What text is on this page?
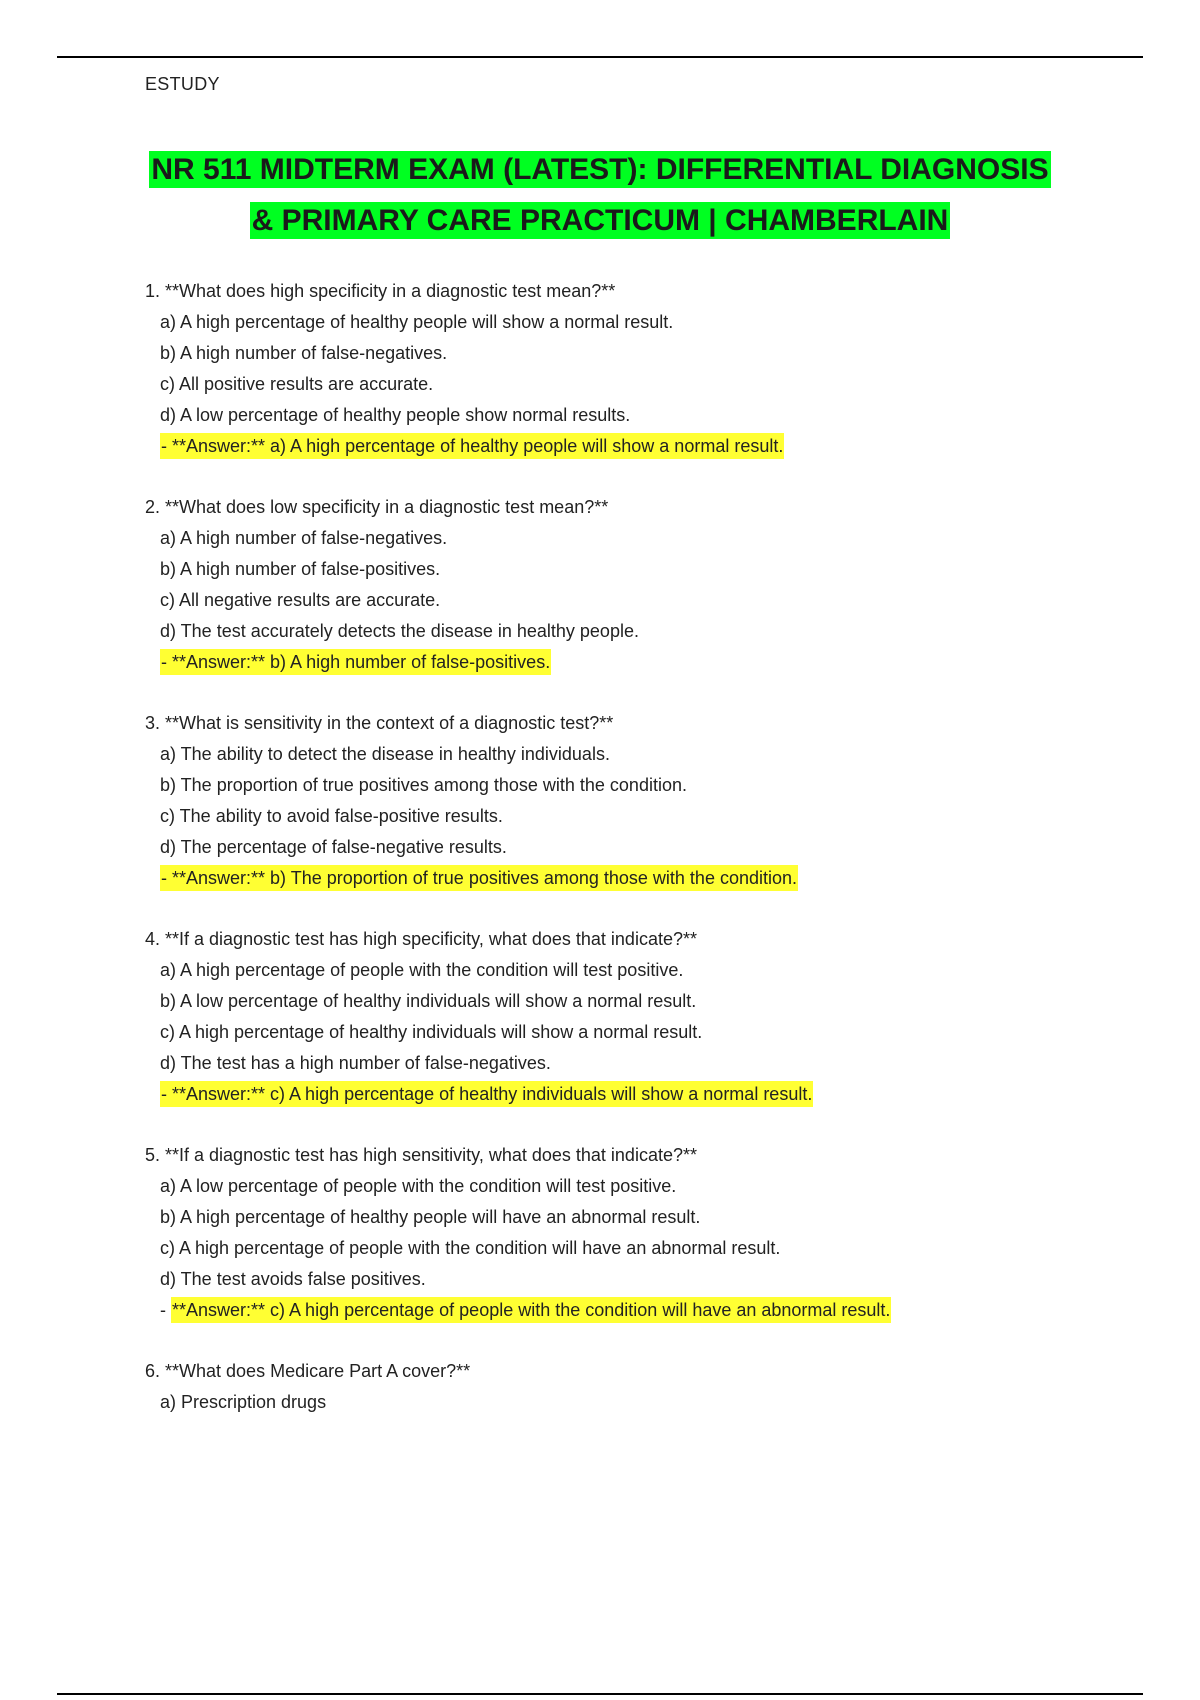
ESTUDY
NR 511 MIDTERM EXAM (LATEST): DIFFERENTIAL DIAGNOSIS
& PRIMARY CARE PRACTICUM | CHAMBERLAIN
1. **What does high specificity in a diagnostic test mean?**
a) A high percentage of healthy people will show a normal result.
b) A high number of false-negatives.
c) All positive results are accurate.
d) A low percentage of healthy people show normal results.
- **Answer:** a) A high percentage of healthy people will show a normal result.
2. **What does low specificity in a diagnostic test mean?**
a) A high number of false-negatives.
b) A high number of false-positives.
c) All negative results are accurate.
d) The test accurately detects the disease in healthy people.
- **Answer:** b) A high number of false-positives.
3. **What is sensitivity in the context of a diagnostic test?**
a) The ability to detect the disease in healthy individuals.
b) The proportion of true positives among those with the condition.
c) The ability to avoid false-positive results.
d) The percentage of false-negative results.
- **Answer:** b) The proportion of true positives among those with the condition.
4. **If a diagnostic test has high specificity, what does that indicate?**
a) A high percentage of people with the condition will test positive.
b) A low percentage of healthy individuals will show a normal result.
c) A high percentage of healthy individuals will show a normal result.
d) The test has a high number of false-negatives.
- **Answer:** c) A high percentage of healthy individuals will show a normal result.
5. **If a diagnostic test has high sensitivity, what does that indicate?**
a) A low percentage of people with the condition will test positive.
b) A high percentage of healthy people will have an abnormal result.
c) A high percentage of people with the condition will have an abnormal result.
d) The test avoids false positives.
- **Answer:** c) A high percentage of people with the condition will have an abnormal result.
6. **What does Medicare Part A cover?**
a) Prescription drugs
